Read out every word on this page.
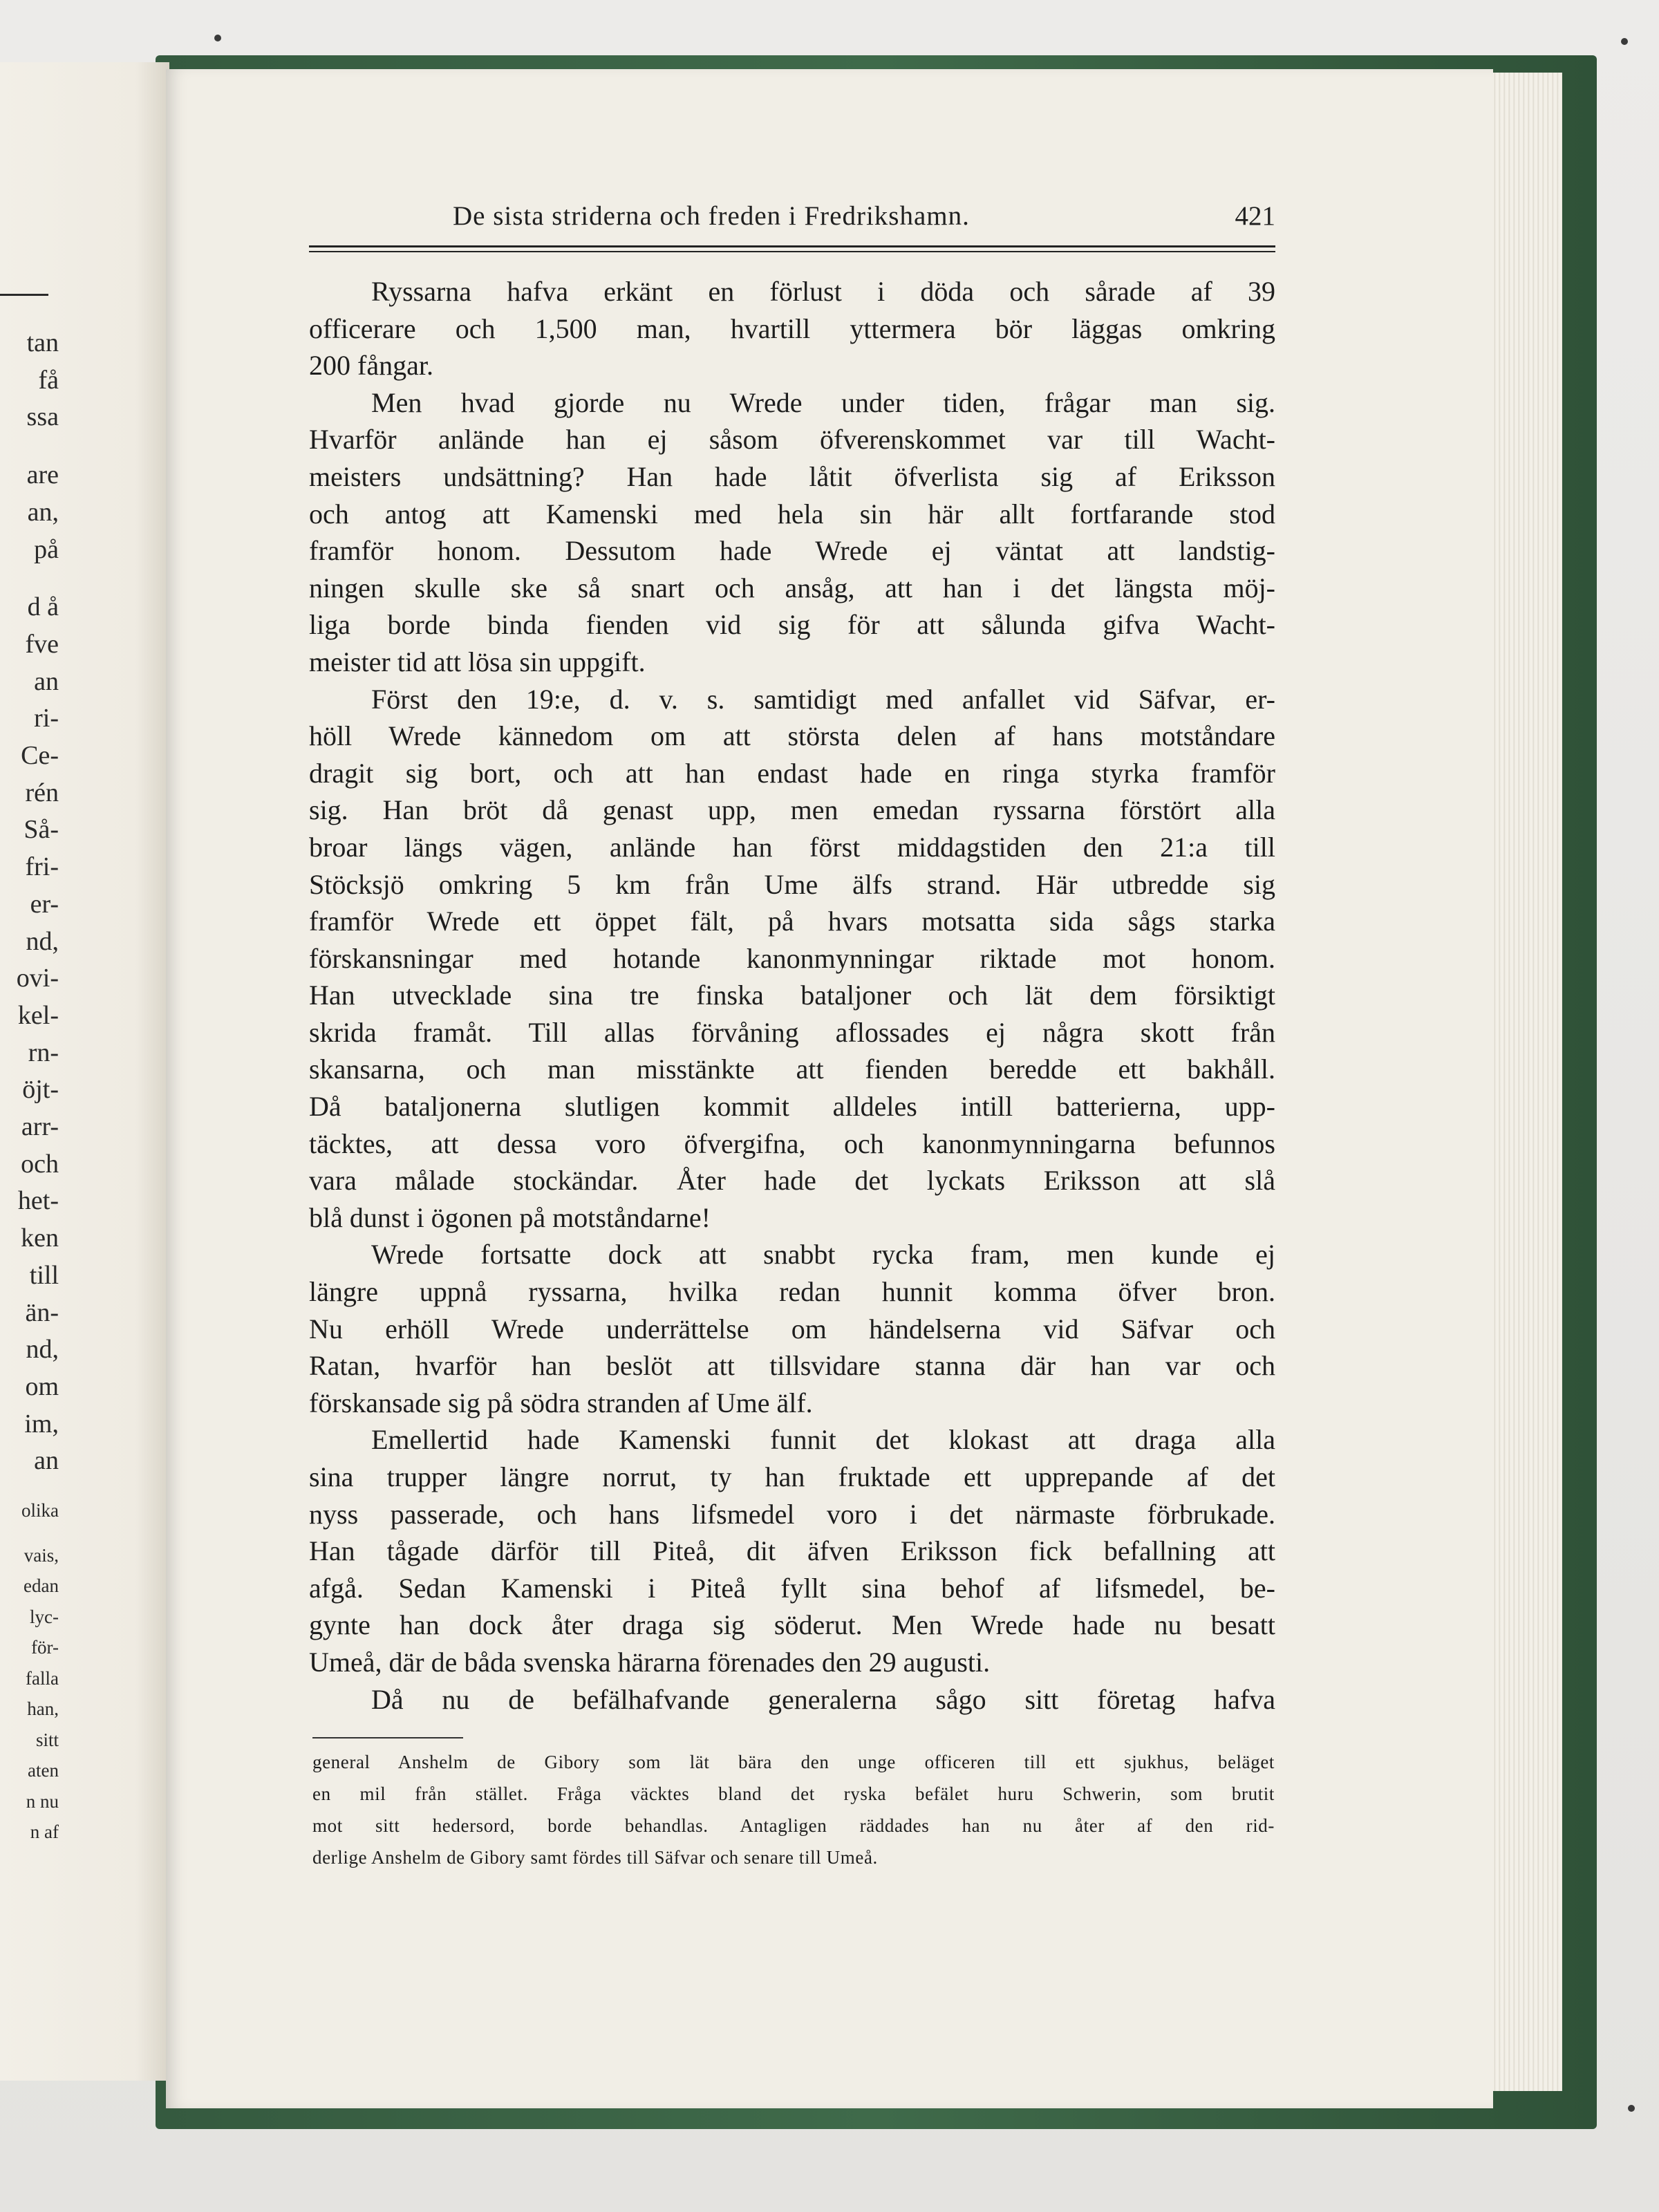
tan
få
ssa
are
an,
på
d å
fve
an
ri-
Ce-
rén
Så-
fri-
er-
nd,
ovi-
kel-
rn-
öjt-
arr-
och
het-
ken
till
än-
nd,
om
im,
an
olika
vais,
edan
lyc-
för-
falla
han,
sitt
aten
n nu
n af
De sista striderna och freden i Fredrikshamn.	421
Ryssarna hafva erkänt en förlust i döda och sårade af 39
officerare och 1,500 man, hvartill yttermera bör läggas omkring
200 fångar.
Men hvad gjorde nu Wrede under tiden, frågar man sig.
Hvarför anlände han ej såsom öfverenskommet var till Wacht-
meisters undsättning? Han hade låtit öfverlista sig af Eriksson
och antog att Kamenski med hela sin här allt fortfarande stod
framför honom. Dessutom hade Wrede ej väntat att landstig-
ningen skulle ske så snart och ansåg, att han i det längsta möj-
liga borde binda fienden vid sig för att sålunda gifva Wacht-
meister tid att lösa sin uppgift.
Först den 19:e, d. v. s. samtidigt med anfallet vid Säfvar, er-
höll Wrede kännedom om att största delen af hans motståndare
dragit sig bort, och att han endast hade en ringa styrka framför
sig. Han bröt då genast upp, men emedan ryssarna förstört alla
broar längs vägen, anlände han först middagstiden den 21:a till
Stöcksjö omkring 5 km från Ume älfs strand. Här utbredde sig
framför Wrede ett öppet fält, på hvars motsatta sida sågs starka
förskansningar med hotande kanonmynningar riktade mot honom.
Han utvecklade sina tre finska bataljoner och lät dem försiktigt
skrida framåt. Till allas förvåning aflossades ej några skott från
skansarna, och man misstänkte att fienden beredde ett bakhåll.
Då bataljonerna slutligen kommit alldeles intill batterierna, upp-
täcktes, att dessa voro öfvergifna, och kanonmynningarna befunnos
vara målade stockändar. Åter hade det lyckats Eriksson att slå
blå dunst i ögonen på motståndarne!
Wrede fortsatte dock att snabbt rycka fram, men kunde ej
längre uppnå ryssarna, hvilka redan hunnit komma öfver bron.
Nu erhöll Wrede underrättelse om händelserna vid Säfvar och
Ratan, hvarför han beslöt att tillsvidare stanna där han var och
förskansade sig på södra stranden af Ume älf.
Emellertid hade Kamenski funnit det klokast att draga alla
sina trupper längre norrut, ty han fruktade ett upprepande af det
nyss passerade, och hans lifsmedel voro i det närmaste förbrukade.
Han tågade därför till Piteå, dit äfven Eriksson fick befallning att
afgå. Sedan Kamenski i Piteå fyllt sina behof af lifsmedel, be-
gynte han dock åter draga sig söderut. Men Wrede hade nu besatt
Umeå, där de båda svenska härarna förenades den 29 augusti.
Då nu de befälhafvande generalerna sågo sitt företag hafva
general Anshelm de Gibory som lät bära den unge officeren till ett sjukhus, beläget
en mil från stället. Fråga väcktes bland det ryska befälet huru Schwerin, som brutit
mot sitt hedersord, borde behandlas. Antagligen räddades han nu åter af den rid-
derlige Anshelm de Gibory samt fördes till Säfvar och senare till Umeå.
